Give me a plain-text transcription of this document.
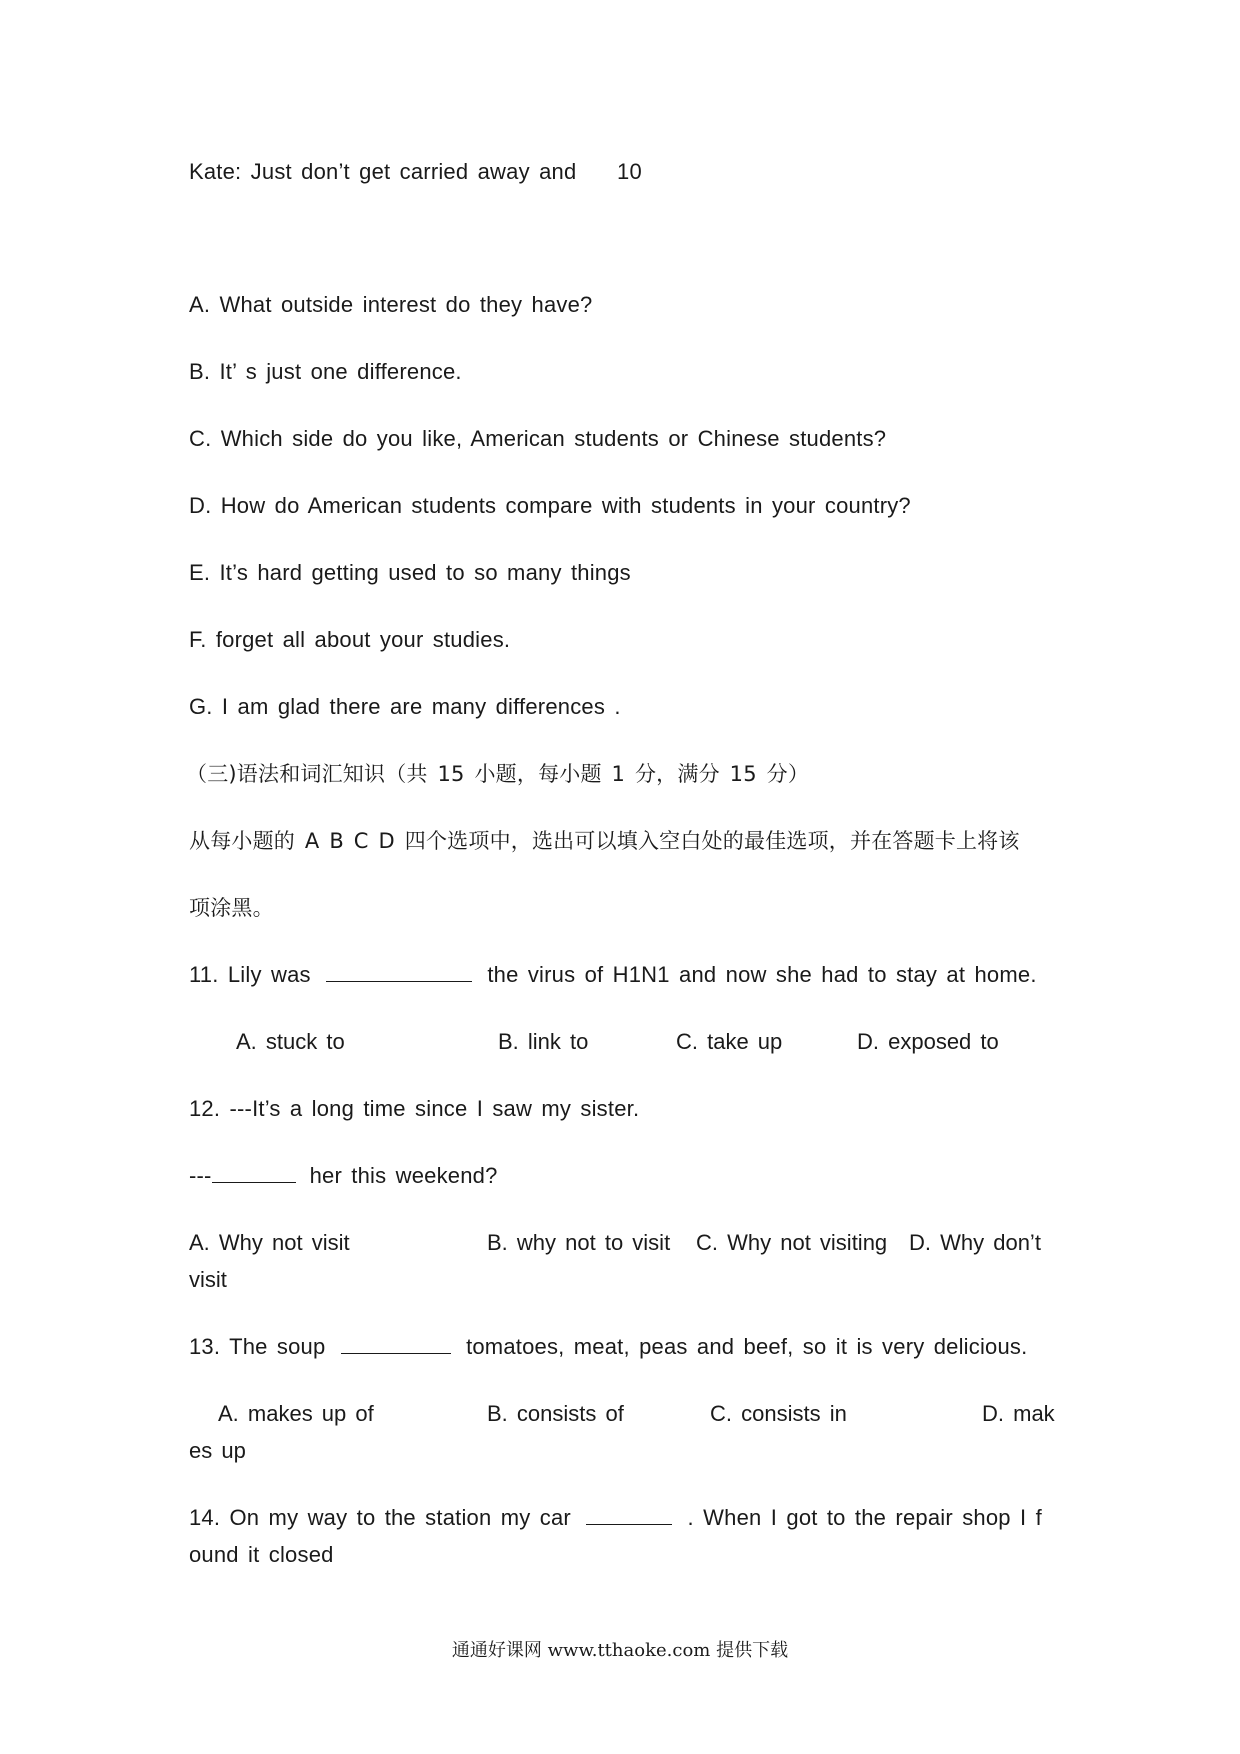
Kate: Just don’t get carried away and 10
A. What outside interest do they have?
B. It’ s just one difference.
C. Which side do you like, American students or Chinese students?
D. How do American students compare with students in your country?
E. It’s hard getting used to so many things
F. forget all about your studies.
G. I am glad there are many differences .
（三)语法和词汇知识（共 15 小题，每小题 1 分，满分 15 分）
从每小题的 A B C D 四个选项中，选出可以填入空白处的最佳选项，并在答题卡上将该
项涂黑。
11. Lily was	the virus of H1N1 and now she had to stay at home.
A. stuck to	B. link to	C. take up	D. exposed to
12. ---It’s a long time since I saw my sister.
---	her this weekend?
A. Why not visit	B. why not to visit C. Why not visiting D. Why don’t
visit
13. The soup	tomatoes, meat, peas and beef, so it is very delicious.
A. makes up of	B. consists of	C. consists in	D. mak
es up
14. On my way to the station my car	. When I got to the repair shop I f
ound it closed
通通好课网 www.tthaoke.com 提供下载
